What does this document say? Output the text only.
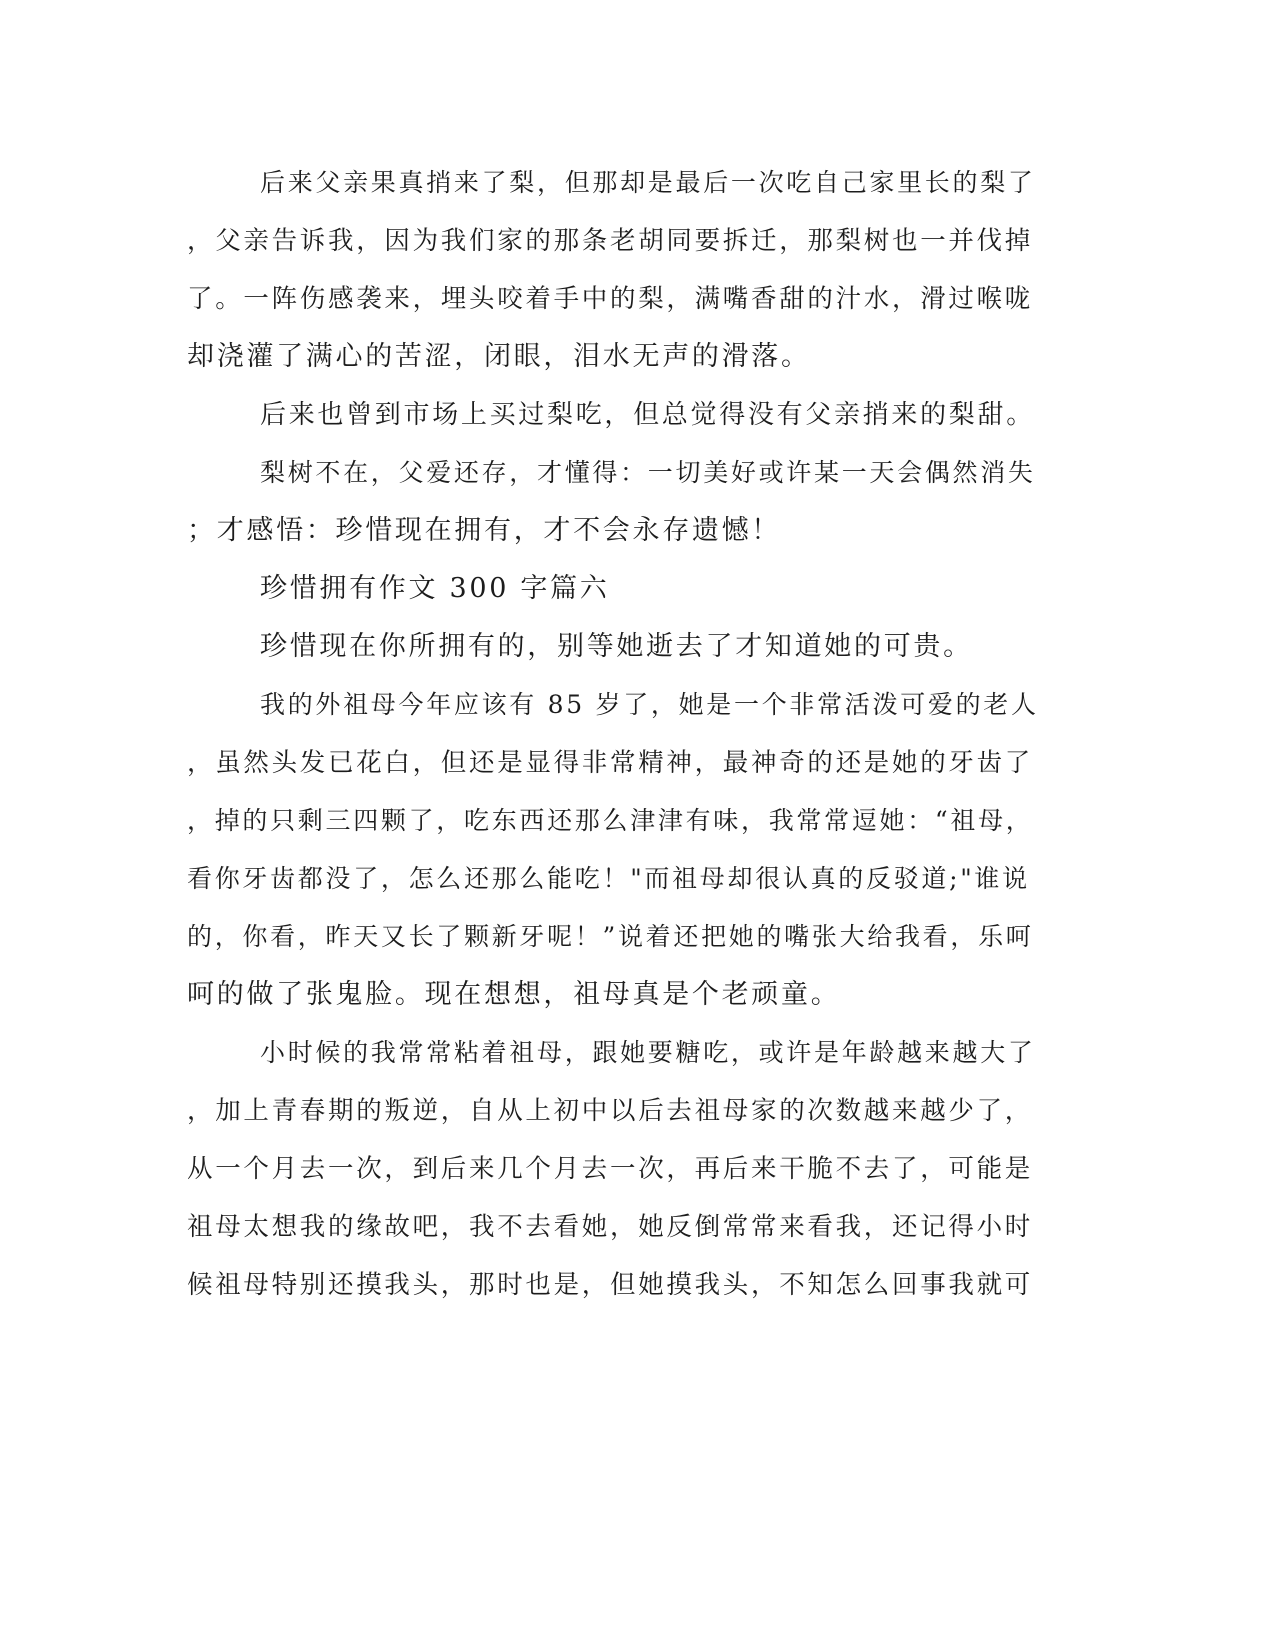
后来父亲果真捎来了梨，但那却是最后一次吃自己家里长的梨了
，父亲告诉我，因为我们家的那条老胡同要拆迁，那梨树也一并伐掉
了。一阵伤感袭来，埋头咬着手中的梨，满嘴香甜的汁水，滑过喉咙
却浇灌了满心的苦涩，闭眼，泪水无声的滑落。
后来也曾到市场上买过梨吃，但总觉得没有父亲捎来的梨甜。
梨树不在，父爱还存，才懂得：一切美好或许某一天会偶然消失
；才感悟：珍惜现在拥有，才不会永存遗憾！
珍惜拥有作文 300 字篇六
珍惜现在你所拥有的，别等她逝去了才知道她的可贵。
我的外祖母今年应该有 85 岁了，她是一个非常活泼可爱的老人
，虽然头发已花白，但还是显得非常精神，最神奇的还是她的牙齿了
，掉的只剩三四颗了，吃东西还那么津津有味，我常常逗她：“祖母，
看你牙齿都没了，怎么还那么能吃！"而祖母却很认真的反驳道;"谁说
的，你看，昨天又长了颗新牙呢！”说着还把她的嘴张大给我看，乐呵
呵的做了张鬼脸。现在想想，祖母真是个老顽童。
小时候的我常常粘着祖母，跟她要糖吃，或许是年龄越来越大了
，加上青春期的叛逆，自从上初中以后去祖母家的次数越来越少了，
从一个月去一次，到后来几个月去一次，再后来干脆不去了，可能是
祖母太想我的缘故吧，我不去看她，她反倒常常来看我，还记得小时
候祖母特别还摸我头，那时也是，但她摸我头，不知怎么回事我就可
